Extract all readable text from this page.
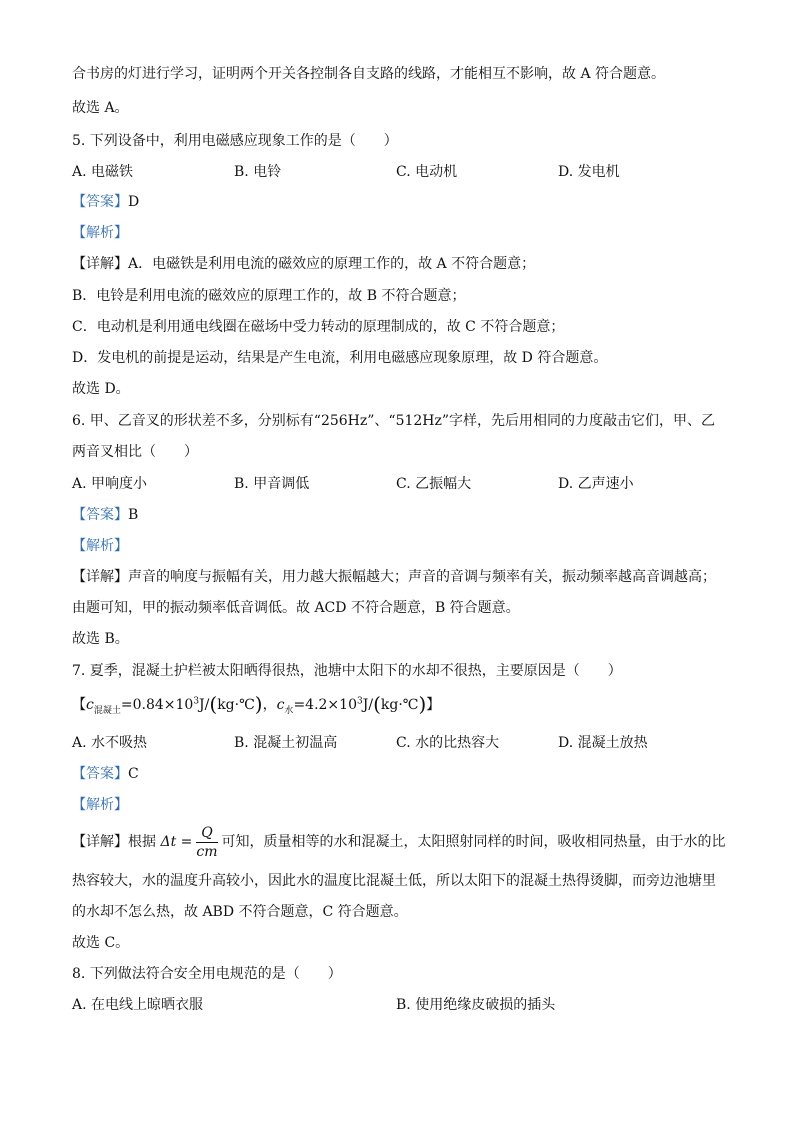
合书房的灯进行学习，证明两个开关各控制各自支路的线路，才能相互不影响，故 A 符合题意。
故选 A。
5. 下列设备中，利用电磁感应现象工作的是（　　）
A. 电磁铁	B. 电铃	C. 电动机	D. 发电机
【答案】D
【解析】
【详解】A．电磁铁是利用电流的磁效应的原理工作的，故 A 不符合题意；
B．电铃是利用电流的磁效应的原理工作的，故 B 不符合题意；
C．电动机是利用通电线圈在磁场中受力转动的原理制成的，故 C 不符合题意；
D．发电机的前提是运动，结果是产生电流，利用电磁感应现象原理，故 D 符合题意。
故选 D。
6. 甲、乙音叉的形状差不多，分别标有“256Hz”、“512Hz”字样，先后用相同的力度敲击它们，甲、乙
两音叉相比（　　）
A. 甲响度小	B. 甲音调低	C. 乙振幅大	D. 乙声速小
【答案】B
【解析】
【详解】声音的响度与振幅有关，用力越大振幅越大；声音的音调与频率有关，振动频率越高音调越高；
由题可知，甲的振动频率低音调低。故 ACD 不符合题意，B 符合题意。
故选 B。
7. 夏季，混凝土护栏被太阳晒得很热，池塘中太阳下的水却不很热，主要原因是（　　）
【$c_{混凝土}=0.84\times 10^3J/(kg\cdot℃)$，$c_水=4.2\times 10^3J/(kg\cdot℃)$】
A. 水不吸热	B. 混凝土初温高	C. 水的比热容大	D. 混凝土放热
【答案】C
【解析】
【详解】根据 $\Delta t = \frac{Q}{cm}$ 可知，质量相等的水和混凝土，太阳照射同样的时间，吸收相同热量，由于水的比
热容较大，水的温度升高较小，因此水的温度比混凝土低，所以太阳下的混凝土热得烫脚，而旁边池塘里
的水却不怎么热，故 ABD 不符合题意，C 符合题意。
故选 C。
8. 下列做法符合安全用电规范的是（　　）
A. 在电线上晾晒衣服	B. 使用绝缘皮破损的插头
